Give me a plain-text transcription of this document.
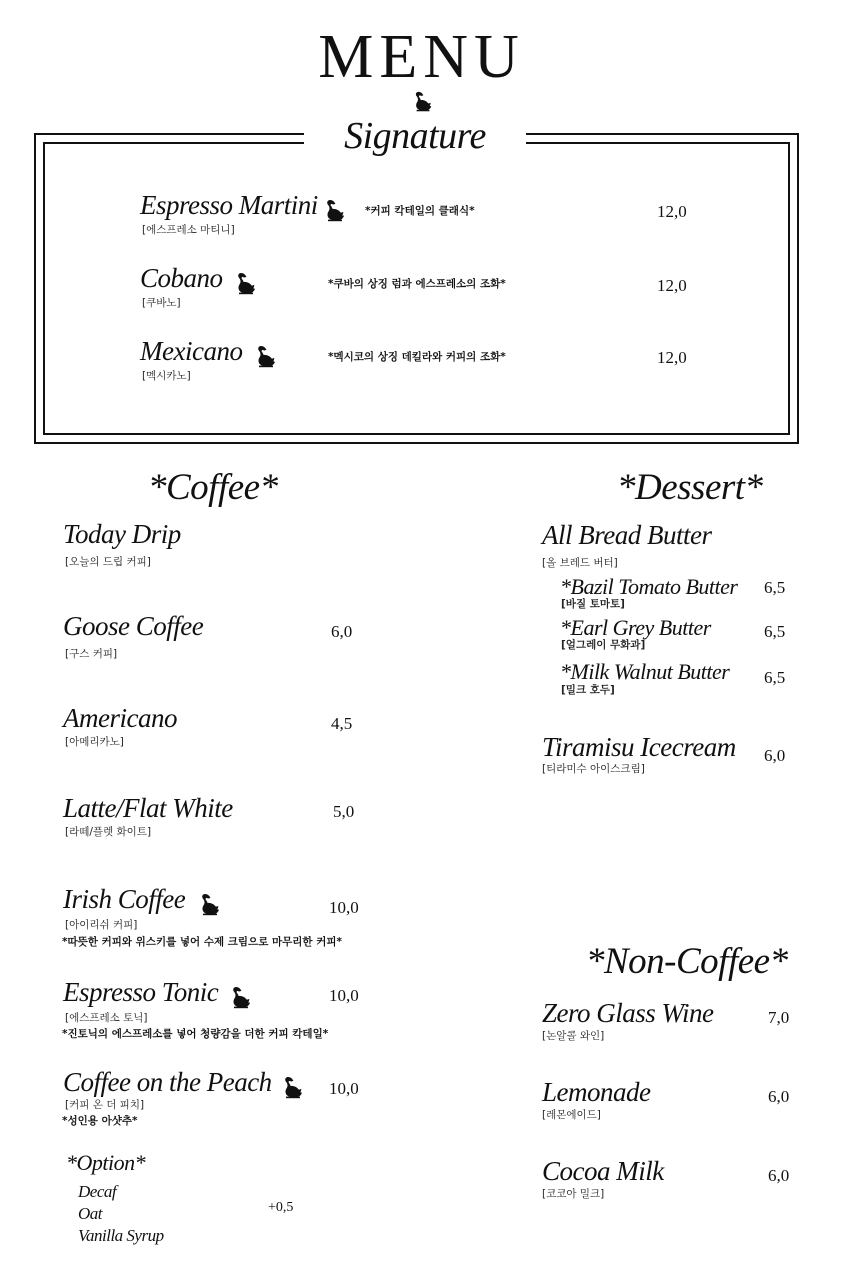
MENU
Signature
Espresso Martini
[에스프레소 마티니]
*커피 칵테일의 클래식*	12,0
Cobano
[쿠바노]
*쿠바의 상징 럼과 에스프레소의 조화*	12,0
Mexicano
[멕시카노]
*멕시코의 상징 데킬라와 커피의 조화*	12,0
*Coffee*
Today Drip
[오늘의 드립 커피]
Goose Coffee
[구스 커피]
6,0
Americano
[아메리카노]
4,5
Latte/Flat White
[라떼/플렛 화이트]
5,0
Irish Coffee
[아이리쉬 커피]
*따뜻한 커피와 위스키를 넣어 수제 크림으로 마무리한 커피*
10,0
Espresso Tonic
[에스프레소 토닉]
*진토닉의 에스프레소를 넣어 청량감을 더한 커피 칵테일*
10,0
Coffee on the Peach
[커피 온 더 피치]
*성인용 아샷추*
10,0
*Option*
Decaf
Oat
Vanilla Syrup
+0,5
*Dessert*
All Bread Butter
[올 브레드 버터]
*Bazil Tomato Butter
[바질 토마토]
6,5
*Earl Grey Butter
[얼그레이 무화과]
6,5
*Milk Walnut Butter
[밀크 호두]
6,5
Tiramisu Icecream
[티라미수 아이스크림]
6,0
*Non-Coffee*
Zero Glass Wine
[논알콜 와인]
7,0
Lemonade
[레몬에이드]
6,0
Cocoa Milk
[코코아 밀크]
6,0
